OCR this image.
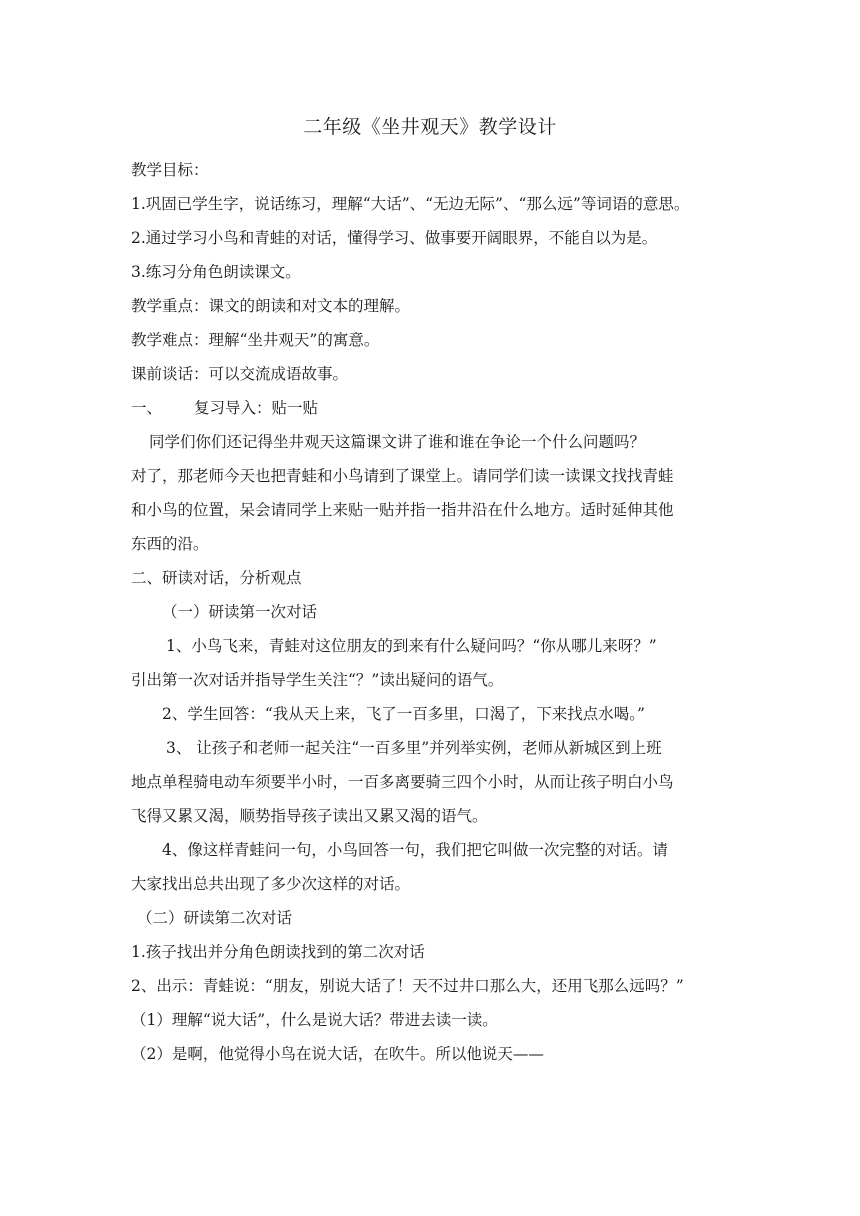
二年级《坐井观天》教学设计
教学目标：
1.巩固已学生字，说话练习，理解“大话”、“无边无际”、“那么远”等词语的意思。
2.通过学习小鸟和青蛙的对话，懂得学习、做事要开阔眼界，不能自以为是。
3.练习分角色朗读课文。
教学重点：课文的朗读和对文本的理解。
教学难点：理解“坐井观天”的寓意。
课前谈话：可以交流成语故事。
一、 复习导入：贴一贴
同学们你们还记得坐井观天这篇课文讲了谁和谁在争论一个什么问题吗？
对了，那老师今天也把青蛙和小鸟请到了课堂上。请同学们读一读课文找找青蛙
和小鸟的位置，呆会请同学上来贴一贴并指一指井沿在什么地方。适时延伸其他
东西的沿。
二、研读对话，分析观点
（一）研读第一次对话
1、小鸟飞来，青蛙对这位朋友的到来有什么疑问吗？“你从哪儿来呀？”
引出第一次对话并指导学生关注“？”读出疑问的语气。
2、学生回答：“我从天上来，飞了一百多里，口渴了，下来找点水喝。”
3、 让孩子和老师一起关注“一百多里”并列举实例，老师从新城区到上班
地点单程骑电动车须要半小时，一百多离要骑三四个小时，从而让孩子明白小鸟
飞得又累又渴，顺势指导孩子读出又累又渴的语气。
4、像这样青蛙问一句，小鸟回答一句，我们把它叫做一次完整的对话。请
大家找出总共出现了多少次这样的对话。
（二）研读第二次对话
1.孩子找出并分角色朗读找到的第二次对话
2、出示：青蛙说：“朋友，别说大话了！天不过井口那么大，还用飞那么远吗？”
（1）理解“说大话”，什么是说大话？带进去读一读。
（2）是啊，他觉得小鸟在说大话，在吹牛。所以他说天——
